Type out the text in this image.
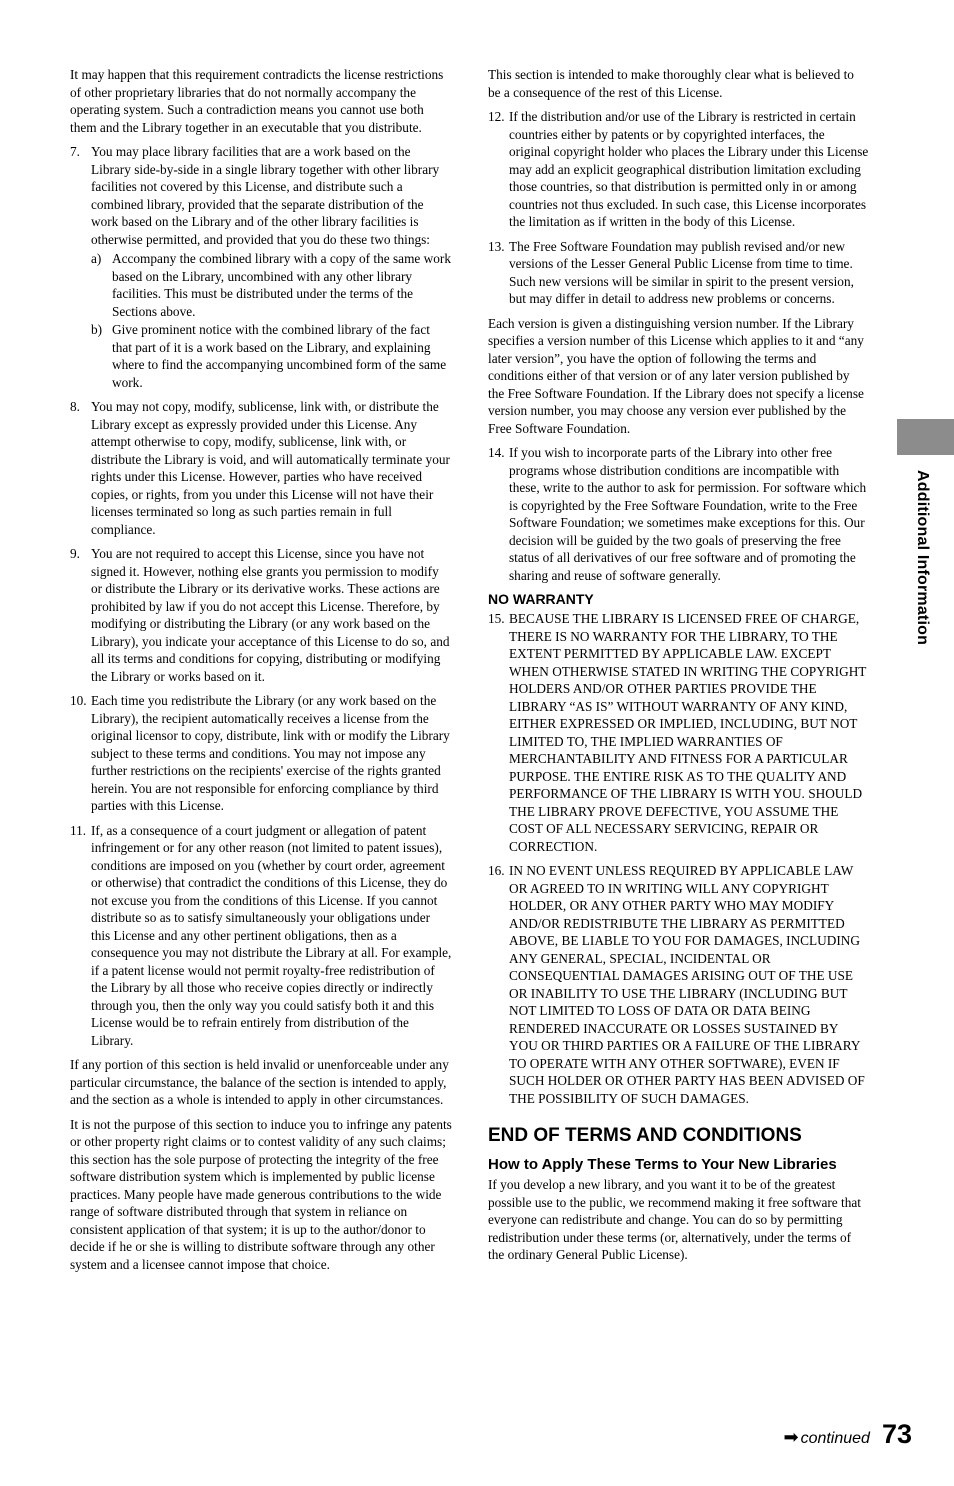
It may happen that this requirement contradicts the license restrictions of other proprietary libraries that do not normally accompany the operating system. Such a contradiction means you cannot use both them and the Library together in an executable that you distribute.

7. You may place library facilities that are a work based on the Library side-by-side in a single library together with other library facilities not covered by this License, and distribute such a combined library, provided that the separate distribution of the work based on the Library and of the other library facilities is otherwise permitted, and provided that you do these two things:
a) Accompany the combined library with a copy of the same work based on the Library, uncombined with any other library facilities. This must be distributed under the terms of the Sections above.
b) Give prominent notice with the combined library of the fact that part of it is a work based on the Library, and explaining where to find the accompanying uncombined form of the same work.
8. You may not copy, modify, sublicense, link with, or distribute the Library except as expressly provided under this License. Any attempt otherwise to copy, modify, sublicense, link with, or distribute the Library is void, and will automatically terminate your rights under this License. However, parties who have received copies, or rights, from you under this License will not have their licenses terminated so long as such parties remain in full compliance.
9. You are not required to accept this License, since you have not signed it. However, nothing else grants you permission to modify or distribute the Library or its derivative works. These actions are prohibited by law if you do not accept this License. Therefore, by modifying or distributing the Library (or any work based on the Library), you indicate your acceptance of this License to do so, and all its terms and conditions for copying, distributing or modifying the Library or works based on it.
10. Each time you redistribute the Library (or any work based on the Library), the recipient automatically receives a license from the original licensor to copy, distribute, link with or modify the Library subject to these terms and conditions. You may not impose any further restrictions on the recipients' exercise of the rights granted herein. You are not responsible for enforcing compliance by third parties with this License.
11. If, as a consequence of a court judgment or allegation of patent infringement or for any other reason (not limited to patent issues), conditions are imposed on you (whether by court order, agreement or otherwise) that contradict the conditions of this License, they do not excuse you from the conditions of this License. If you cannot distribute so as to satisfy simultaneously your obligations under this License and any other pertinent obligations, then as a consequence you may not distribute the Library at all. For example, if a patent license would not permit royalty-free redistribution of the Library by all those who receive copies directly or indirectly through you, then the only way you could satisfy both it and this License would be to refrain entirely from distribution of the Library.

If any portion of this section is held invalid or unenforceable under any particular circumstance, the balance of the section is intended to apply, and the section as a whole is intended to apply in other circumstances.

It is not the purpose of this section to induce you to infringe any patents or other property right claims or to contest validity of any such claims; this section has the sole purpose of protecting the integrity of the free software distribution system which is implemented by public license practices. Many people have made generous contributions to the wide range of software distributed through that system in reliance on consistent application of that system; it is up to the author/donor to decide if he or she is willing to distribute software through any other system and a licensee cannot impose that choice.

This section is intended to make thoroughly clear what is believed to be a consequence of the rest of this License.

12. If the distribution and/or use of the Library is restricted in certain countries either by patents or by copyrighted interfaces, the original copyright holder who places the Library under this License may add an explicit geographical distribution limitation excluding those countries, so that distribution is permitted only in or among countries not thus excluded. In such case, this License incorporates the limitation as if written in the body of this License.
13. The Free Software Foundation may publish revised and/or new versions of the Lesser General Public License from time to time. Such new versions will be similar in spirit to the present version, but may differ in detail to address new problems or concerns.

Each version is given a distinguishing version number. If the Library specifies a version number of this License which applies to it and “any later version”, you have the option of following the terms and conditions either of that version or of any later version published by the Free Software Foundation. If the Library does not specify a license version number, you may choose any version ever published by the Free Software Foundation.

14. If you wish to incorporate parts of the Library into other free programs whose distribution conditions are incompatible with these, write to the author to ask for permission. For software which is copyrighted by the Free Software Foundation, write to the Free Software Foundation; we sometimes make exceptions for this. Our decision will be guided by the two goals of preserving the free status of all derivatives of our free software and of promoting the sharing and reuse of software generally.
NO WARRANTY
15. BECAUSE THE LIBRARY IS LICENSED FREE OF CHARGE, THERE IS NO WARRANTY FOR THE LIBRARY, TO THE EXTENT PERMITTED BY APPLICABLE LAW. EXCEPT WHEN OTHERWISE STATED IN WRITING THE COPYRIGHT HOLDERS AND/OR OTHER PARTIES PROVIDE THE LIBRARY “AS IS” WITHOUT WARRANTY OF ANY KIND, EITHER EXPRESSED OR IMPLIED, INCLUDING, BUT NOT LIMITED TO, THE IMPLIED WARRANTIES OF MERCHANTABILITY AND FITNESS FOR A PARTICULAR PURPOSE. THE ENTIRE RISK AS TO THE QUALITY AND PERFORMANCE OF THE LIBRARY IS WITH YOU. SHOULD THE LIBRARY PROVE DEFECTIVE, YOU ASSUME THE COST OF ALL NECESSARY SERVICING, REPAIR OR CORRECTION.
16. IN NO EVENT UNLESS REQUIRED BY APPLICABLE LAW OR AGREED TO IN WRITING WILL ANY COPYRIGHT HOLDER, OR ANY OTHER PARTY WHO MAY MODIFY AND/OR REDISTRIBUTE THE LIBRARY AS PERMITTED ABOVE, BE LIABLE TO YOU FOR DAMAGES, INCLUDING ANY GENERAL, SPECIAL, INCIDENTAL OR CONSEQUENTIAL DAMAGES ARISING OUT OF THE USE OR INABILITY TO USE THE LIBRARY (INCLUDING BUT NOT LIMITED TO LOSS OF DATA OR DATA BEING RENDERED INACCURATE OR LOSSES SUSTAINED BY YOU OR THIRD PARTIES OR A FAILURE OF THE LIBRARY TO OPERATE WITH ANY OTHER SOFTWARE), EVEN IF SUCH HOLDER OR OTHER PARTY HAS BEEN ADVISED OF THE POSSIBILITY OF SUCH DAMAGES.
END OF TERMS AND CONDITIONS
How to Apply These Terms to Your New Libraries

If you develop a new library, and you want it to be of the greatest possible use to the public, we recommend making it free software that everyone can redistribute and change. You can do so by permitting redistribution under these terms (or, alternatively, under the terms of the ordinary General Public License).

Additional Information
➡ continued 73
